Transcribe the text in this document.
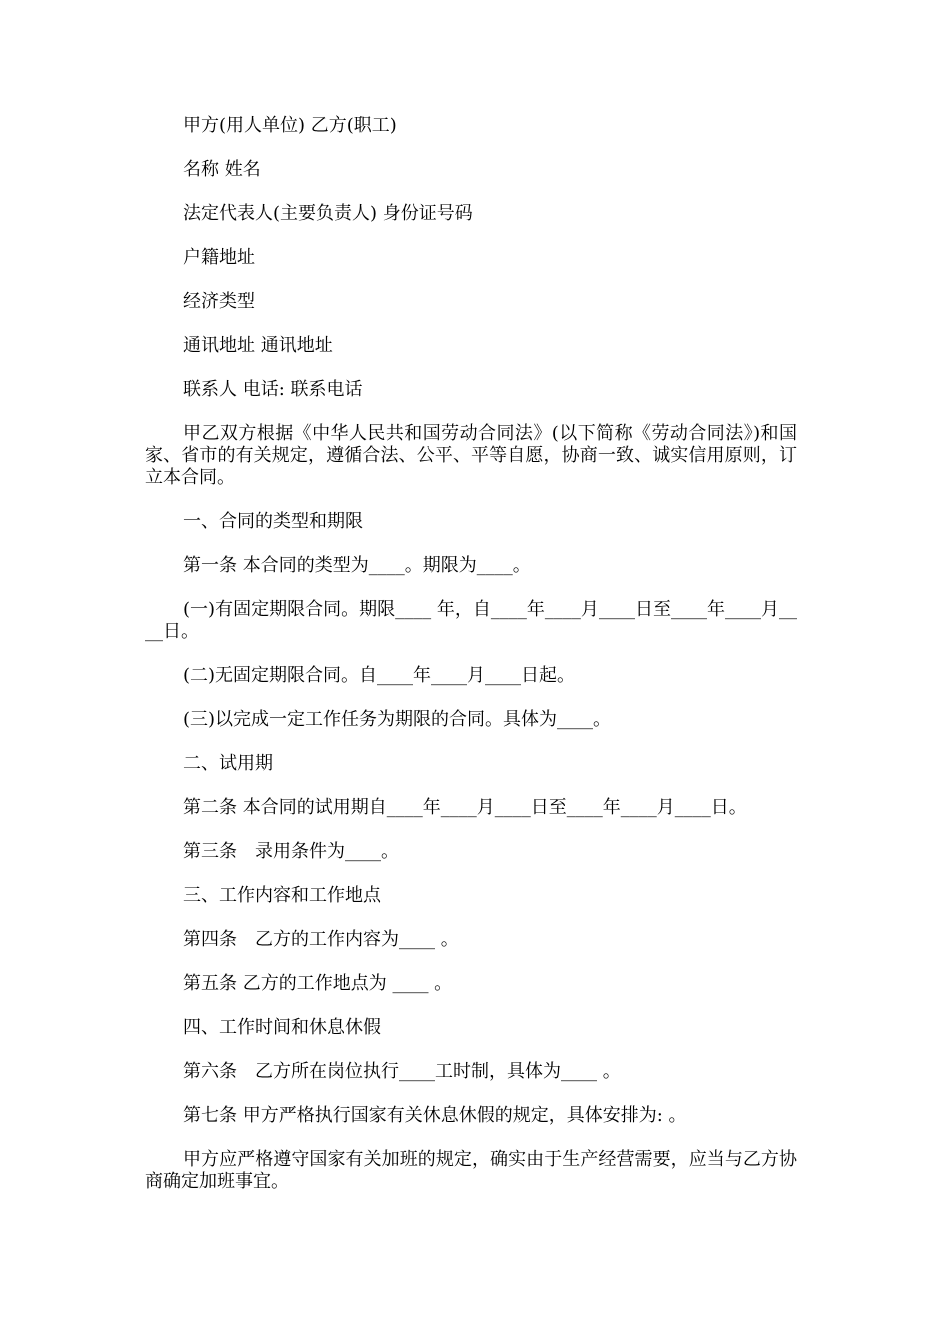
甲方(用人单位) 乙方(职工)

名称 姓名

法定代表人(主要负责人) 身份证号码

户籍地址

经济类型

通讯地址 通讯地址

联系人 电话: 联系电话

甲乙双方根据《中华人民共和国劳动合同法》(以下简称《劳动合同法》)和国家、省市的有关规定，遵循合法、公平、平等自愿，协商一致、诚实信用原则，订立本合同。

一、合同的类型和期限

第一条 本合同的类型为____。期限为____。

(一)有固定期限合同。期限____ 年，自____年____月____日至____年____月____日。

(二)无固定期限合同。自____年____月____日起。

(三)以完成一定工作任务为期限的合同。具体为____。

二、试用期

第二条 本合同的试用期自____年____月____日至____年____月____日。

第三条　录用条件为____。

三、工作内容和工作地点

第四条　乙方的工作内容为____ 。

第五条 乙方的工作地点为 ____ 。

四、工作时间和休息休假

第六条　乙方所在岗位执行____工时制，具体为____ 。

第七条 甲方严格执行国家有关休息休假的规定，具体安排为: 。

甲方应严格遵守国家有关加班的规定，确实由于生产经营需要，应当与乙方协商确定加班事宜。
